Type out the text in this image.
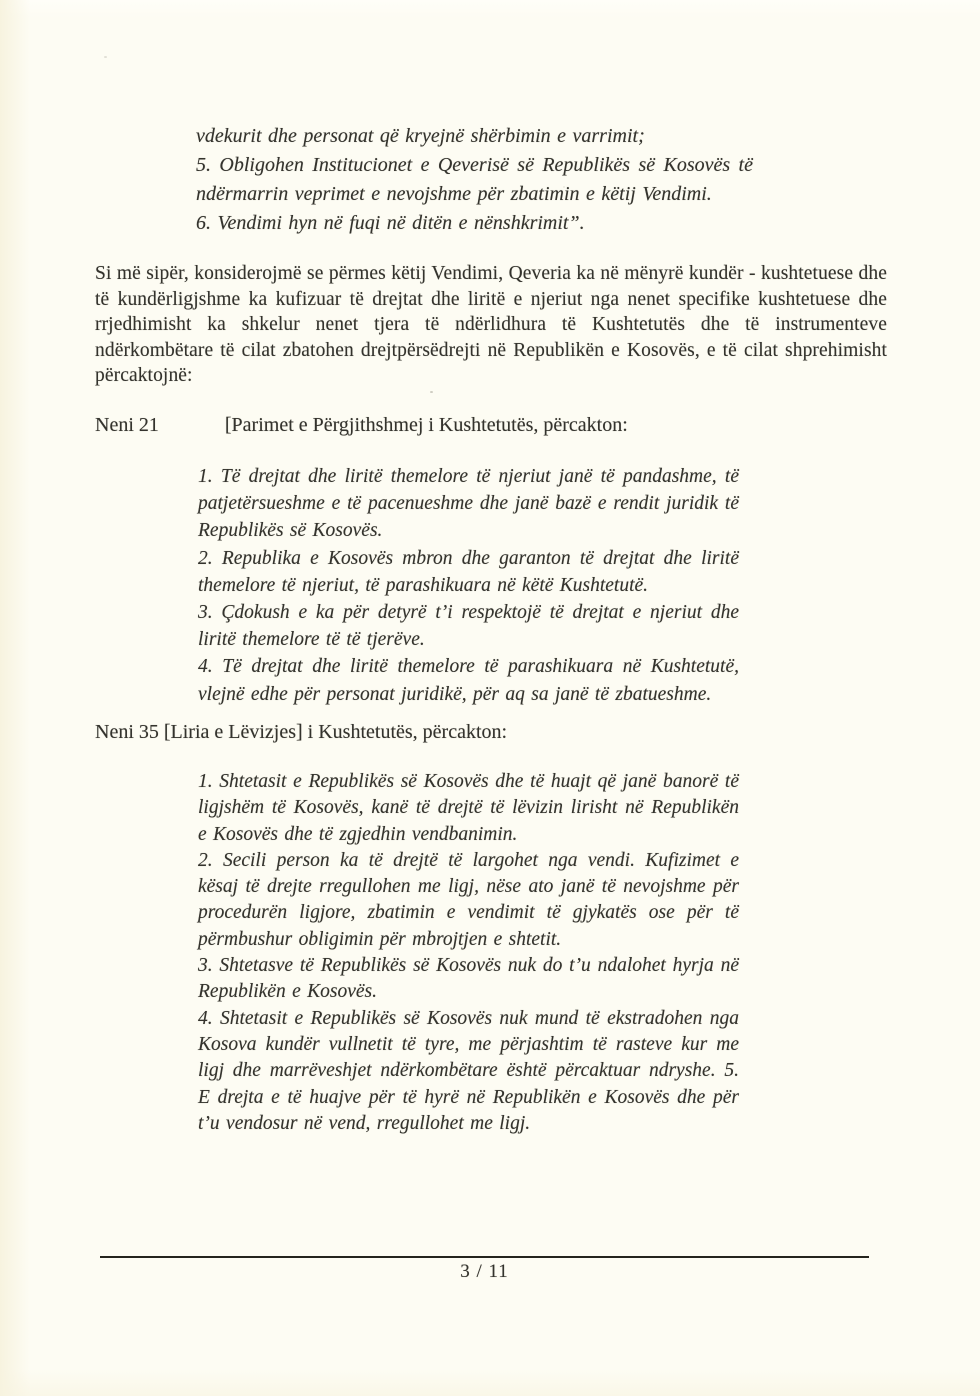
vdekurit dhe personat që kryejnë shërbimin e varrimit;

5. Obligohen Institucionet e Qeverisë së Republikës së Kosovës të ndërmarrin veprimet e nevojshme për zbatimin e këtij Vendimi.

6. Vendimi hyn në fuqi në ditën e nënshkrimit”.

Si më sipër, konsiderojmë se përmes këtij Vendimi, Qeveria ka në mënyrë kundër - kushtetuese dhe të kundërligjshme ka kufizuar të drejtat dhe liritë e njeriut nga nenet specifike kushtetuese dhe rrjedhimisht ka shkelur nenet tjera të ndërlidhura të Kushtetutës dhe të instrumenteve ndërkombëtare të cilat zbatohen drejtpërsëdrejti në Republikën e Kosovës, e të cilat shprehimisht përcaktojnë:

Neni 21	[Parimet e Përgjithshmej i Kushtetutës, përcakton:

1. Të drejtat dhe liritë themelore të njeriut janë të pandashme, të patjetërsueshme e të pacenueshme dhe janë bazë e rendit juridik të Republikës së Kosovës.

2. Republika e Kosovës mbron dhe garanton të drejtat dhe liritë themelore të njeriut, të parashikuara në këtë Kushtetutë.

3. Çdokush e ka për detyrë t’i respektojë të drejtat e njeriut dhe liritë themelore të të tjerëve.

4. Të drejtat dhe liritë themelore të parashikuara në Kushtetutë, vlejnë edhe për personat juridikë, për aq sa janë të zbatueshme.

Neni 35 [Liria e Lëvizjes] i Kushtetutës, përcakton:

1. Shtetasit e Republikës së Kosovës dhe të huajt që janë banorë të ligjshëm të Kosovës, kanë të drejtë të lëvizin lirisht në Republikën e Kosovës dhe të zgjedhin vendbanimin.

2. Secili person ka të drejtë të largohet nga vendi. Kufizimet e kësaj të drejte rregullohen me ligj, nëse ato janë të nevojshme për procedurën ligjore, zbatimin e vendimit të gjykatës ose për të përmbushur obligimin për mbrojtjen e shtetit.

3. Shtetasve të Republikës së Kosovës nuk do t’u ndalohet hyrja në Republikën e Kosovës.

4. Shtetasit e Republikës së Kosovës nuk mund të ekstradohen nga Kosova kundër vullnetit të tyre, me përjashtim të rasteve kur me ligj dhe marrëveshjet ndërkombëtare është përcaktuar ndryshe. 5. E drejta e të huajve për të hyrë në Republikën e Kosovës dhe për t’u vendosur në vend, rregullohet me ligj.

3 / 11
